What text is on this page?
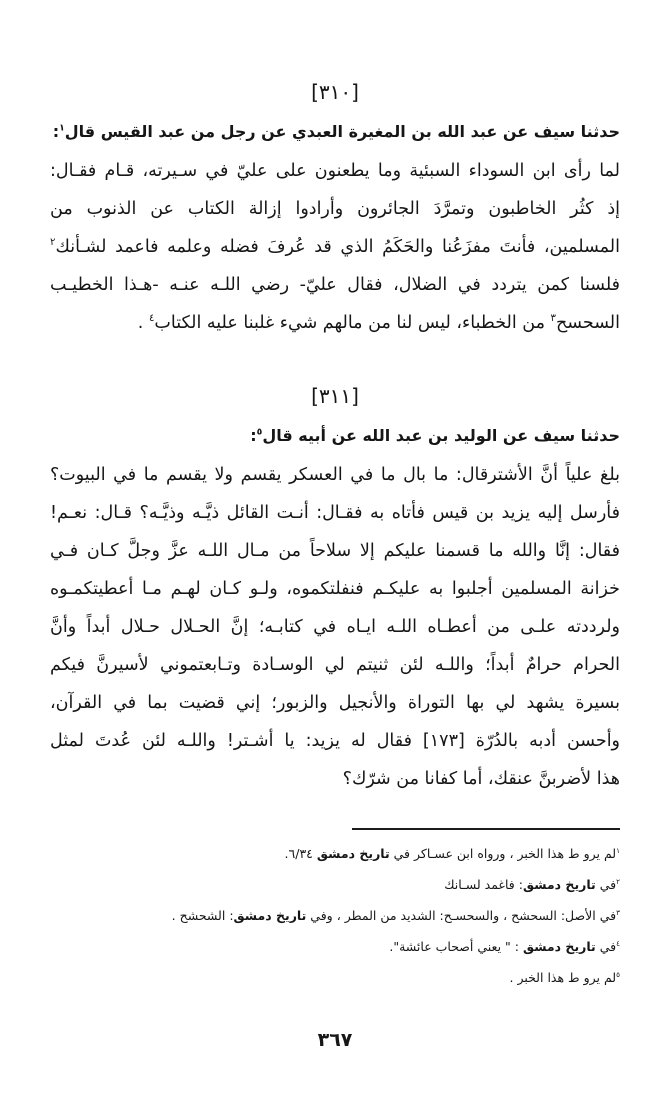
[٣١٠]
حدثنا سيف عن عبد الله بن المغيرة العبدي عن رجل من عبد القيس قال$^١$:
لما رأى ابن السوداء السبئية وما يطعنون على عليّ في سـيرته، قـام فقـال:
إذ كثُر الخاطبون وتمرَّدَ الجائرون وأرادوا إزالة الكتاب عن الذنوب من
المسلمين، فأنتَ مفزَعُنا والحَكَمُ الذي قد عُرفَ فضله وعلمه فاعمد لشـأنك$^٢$
فلسنا كمن يتردد في الضلال، فقال عليّ- رضي اللـه عنـه -هـذا الخطيـب
السحسح$^٣$ من الخطباء، ليس لنا من مالهم شيء غلبنا عليه الكتاب$^٤$ .
[٣١١]
حدثنا سيف عن الوليد بن عبد الله عن أبيه قال$^٥$:
بلغ علياً أنَّ الأشترقال: ما بال ما في العسكر يقسم ولا يقسم ما في البيوت؟
فأرسل إليه يزيد بن قيس فأتاه به فقـال: أنـت القائل ذيَّـه وذيَّـه؟ قـال: نعـم!
فقال: إنَّا والله ما قسمنا عليكم إلا سلاحاً من مـال اللـه عزَّ وجلَّ كـان فـي
خزانة المسلمين أجلبوا به عليكـم فنفلتكموه، ولـو كـان لهـم مـا أعطيتكمـوه
ولرددته علـى من أعطـاه اللـه ايـاه في كتابـه؛ إنَّ الحـلال حـلال أبداً وأنَّ
الحرام حرامٌ أبداً؛ واللـه لئن ثنيتم لي الوسـادة وتـابعتموني لأسيرنَّ فيكم
بسيرة يشهد لي بها التوراة والأنجيل والزبور؛ إني قضيت بما في القرآن،
وأحسن أدبه بالدُرّة [١٧٣] فقال له يزيد: يا أشـتر! واللـه لئن عُدتَ لمثل
هذا لأضربنَّ عنقك، أما كفانا من شرّك؟
$^١$لم يرو ط هذا الخبر ، ورواه ابن عسـاكر في تاريخ دمشق ٦/٣٤.
$^٢$في تاريخ دمشق: فاغمد لسـانك
$^٣$في الأصل: السحشح ، والسحسـح: الشديد من المطر ، وفي تاريخ دمشق: الشحشح .
$^٤$في تاريخ دمشق : " يعني أصحاب عائشة".
$^٥$لم يرو ط هذا الخبر .
٣٦٧
